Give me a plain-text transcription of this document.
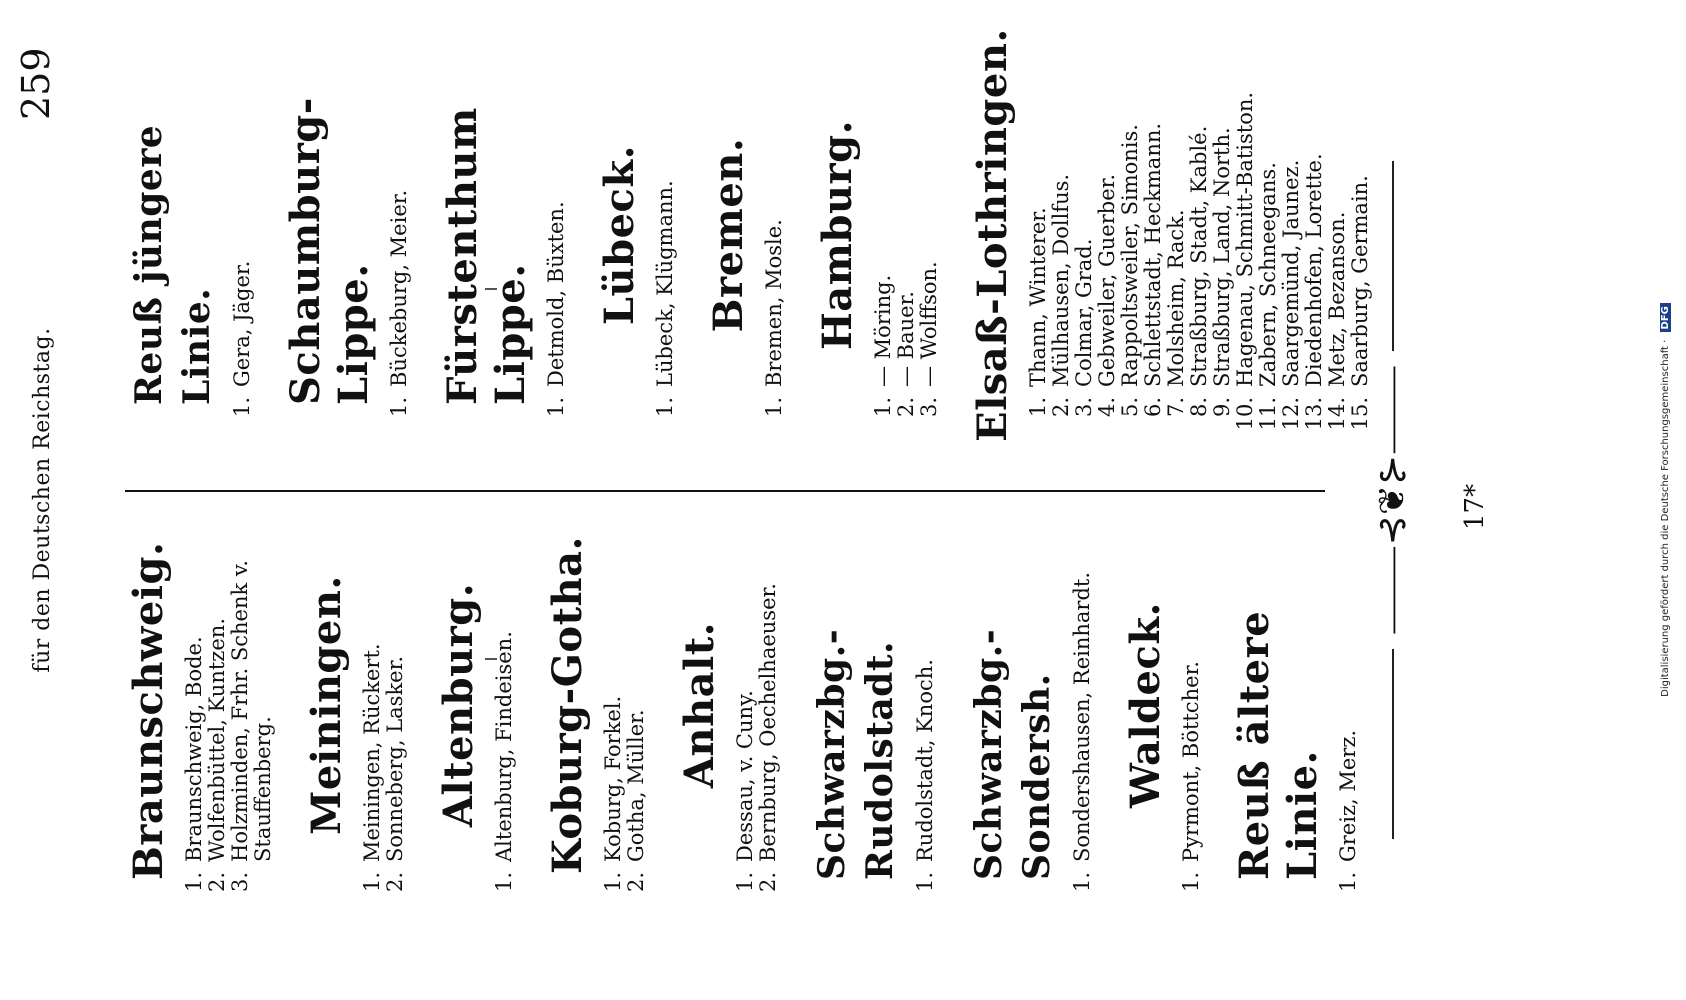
für den Deutschen Reichstag.
259
Braunschweig.
1.
Braunschweig, Bode.
2.
Wolfenbüttel, Kuntzen.
3.
Holzminden, Frhr. Schenk v. Stauffenberg. Meiningen.
1.
Meiningen, Rückert.
2.
Sonneberg, Lasker. Altenburg.
1.
Altenburg, Findeisen. Koburg-Gotha.
1.
Koburg, Forkel.
2.
Gotha, Müller. Anhalt.
1.
Dessau, v. Cuny.
2.
Bernburg, Oechelhaeuser. Schwarzbg.-Rudolstadt.
1.
Rudolstadt, Knoch. Schwarzbg.-Sondersh.
1.
Sondershausen, Reinhardt. Waldeck.
1.
Pyrmont, Böttcher. Reuß ältere Linie.
1.
Greiz, Merz.
Reuß jüngere Linie.
1.
Gera, Jäger. Schaumburg-Lippe.
1.
Bückeburg, Meier. Fürstenthum Lippe.
1.
Detmold, Büxten. Lübeck.
1.
Lübeck, Klügmann. Bremen.
1.
Bremen, Mosle. Hamburg.
1.
— Möring.
2.
— Bauer.
3.
— Wolffson. Elsaß-Lothringen. 1.
Thann, Winterer.
2.
Mülhausen, Dollfus.
3.
Colmar, Grad.
4.
Gebweiler, Guerber.
5.
Rappoltsweiler, Simonis.
6.
Schlettstadt, Heckmann.
7.
Molsheim, Rack.
8.
Straßburg, Stadt, Kablé.
9.
Straßburg, Land, North.
10.
Hagenau, Schmitt-Batiston.
11.
Zabern, Schneegans.
12.
Saargemünd, Jaunez.
13.
Diedenhofen, Lorette.
14.
Metz, Bezanson.
15.
Saarburg, Germain.
⸻⊰❦⊱⸻ 17*	Digitalisierung gefördert durch die Deutsche Forschungsgemeinschaft · DFG
